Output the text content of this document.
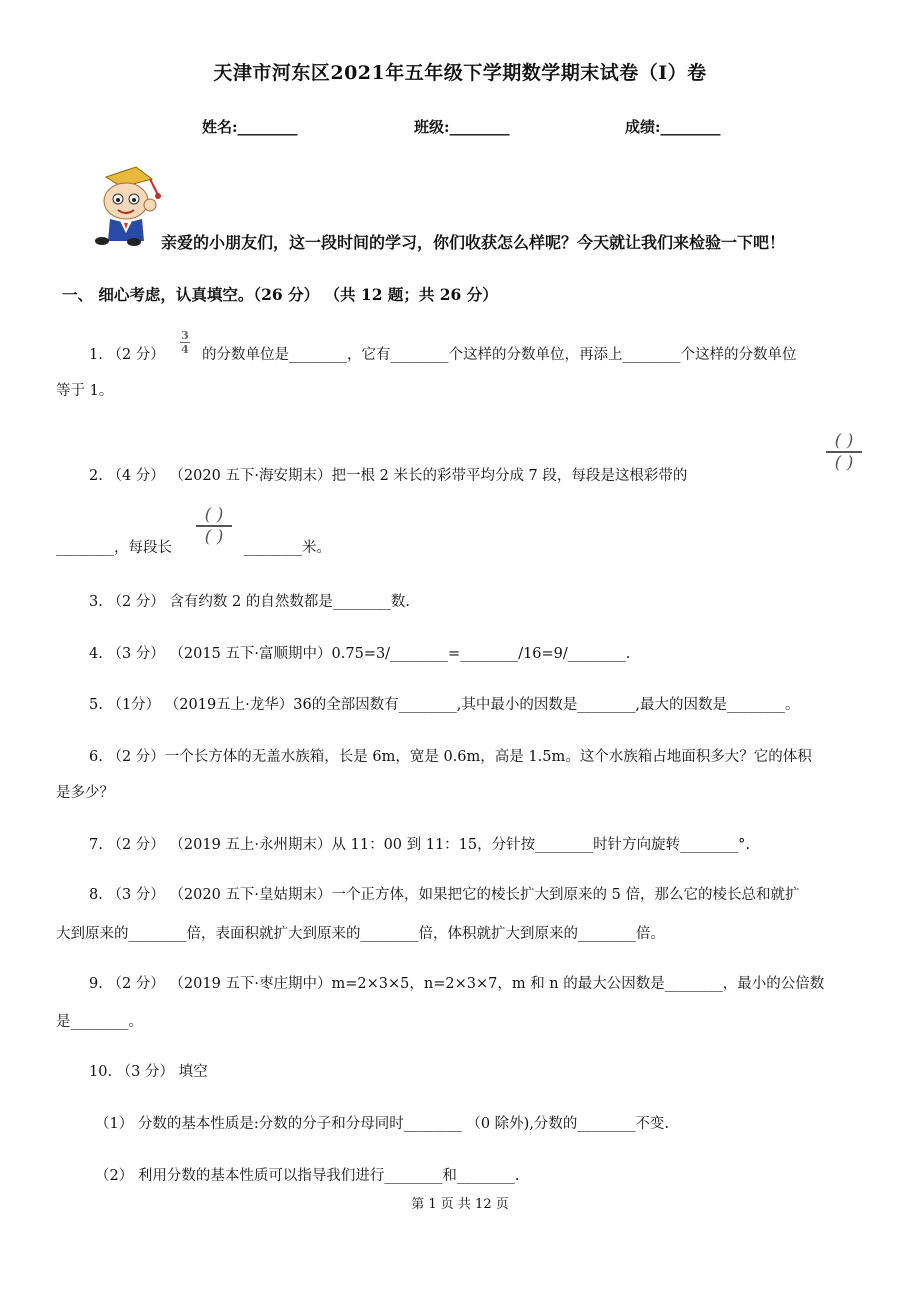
天津市河东区2021年五年级下学期数学期末试卷（I）卷
姓名:________	班级:________	成绩:________
亲爱的小朋友们，这一段时间的学习，你们收获怎么样呢？今天就让我们来检验一下吧！
一、 细心考虑，认真填空。（26 分） （共 12 题；共 26 分）
1. （2 分）
3
4 的分数单位是________，它有________个这样的分数单位，再添上________个这样的分数单位
等于 1。
2. （4 分） （2020 五下·海安期末）把一根 2 米长的彩带平均分成 7 段，每段是这根彩带的
( )
( )
________，每段长
( )
( )
________米。
3. （2 分） 含有约数 2 的自然数都是________数.
4. （3 分） （2015 五下·富顺期中）0.75=3/________=________/16=9/________.
5. （1分） （2019五上·龙华）36的全部因数有________,其中最小的因数是________,最大的因数是________。
6. （2 分）一个长方体的无盖水族箱，长是 6m，宽是 0.6m，高是 1.5m。这个水族箱占地面积多大？它的体积
是多少？
7. （2 分） （2019 五上·永州期末）从 11：00 到 11：15，分针按________时针方向旋转________°.
8. （3 分） （2020 五下·皇姑期末）一个正方体，如果把它的棱长扩大到原来的 5 倍，那么它的棱长总和就扩
大到原来的________倍，表面积就扩大到原来的________倍，体积就扩大到原来的________倍。
9. （2 分） （2019 五下·枣庄期中）m=2×3×5，n=2×3×7，m 和 n 的最大公因数是________，最小的公倍数
是________。
10. （3 分） 填空
（1） 分数的基本性质是:分数的分子和分母同时________ （0 除外),分数的________不变.
（2） 利用分数的基本性质可以指导我们进行________和________.
第 1 页 共 12 页
